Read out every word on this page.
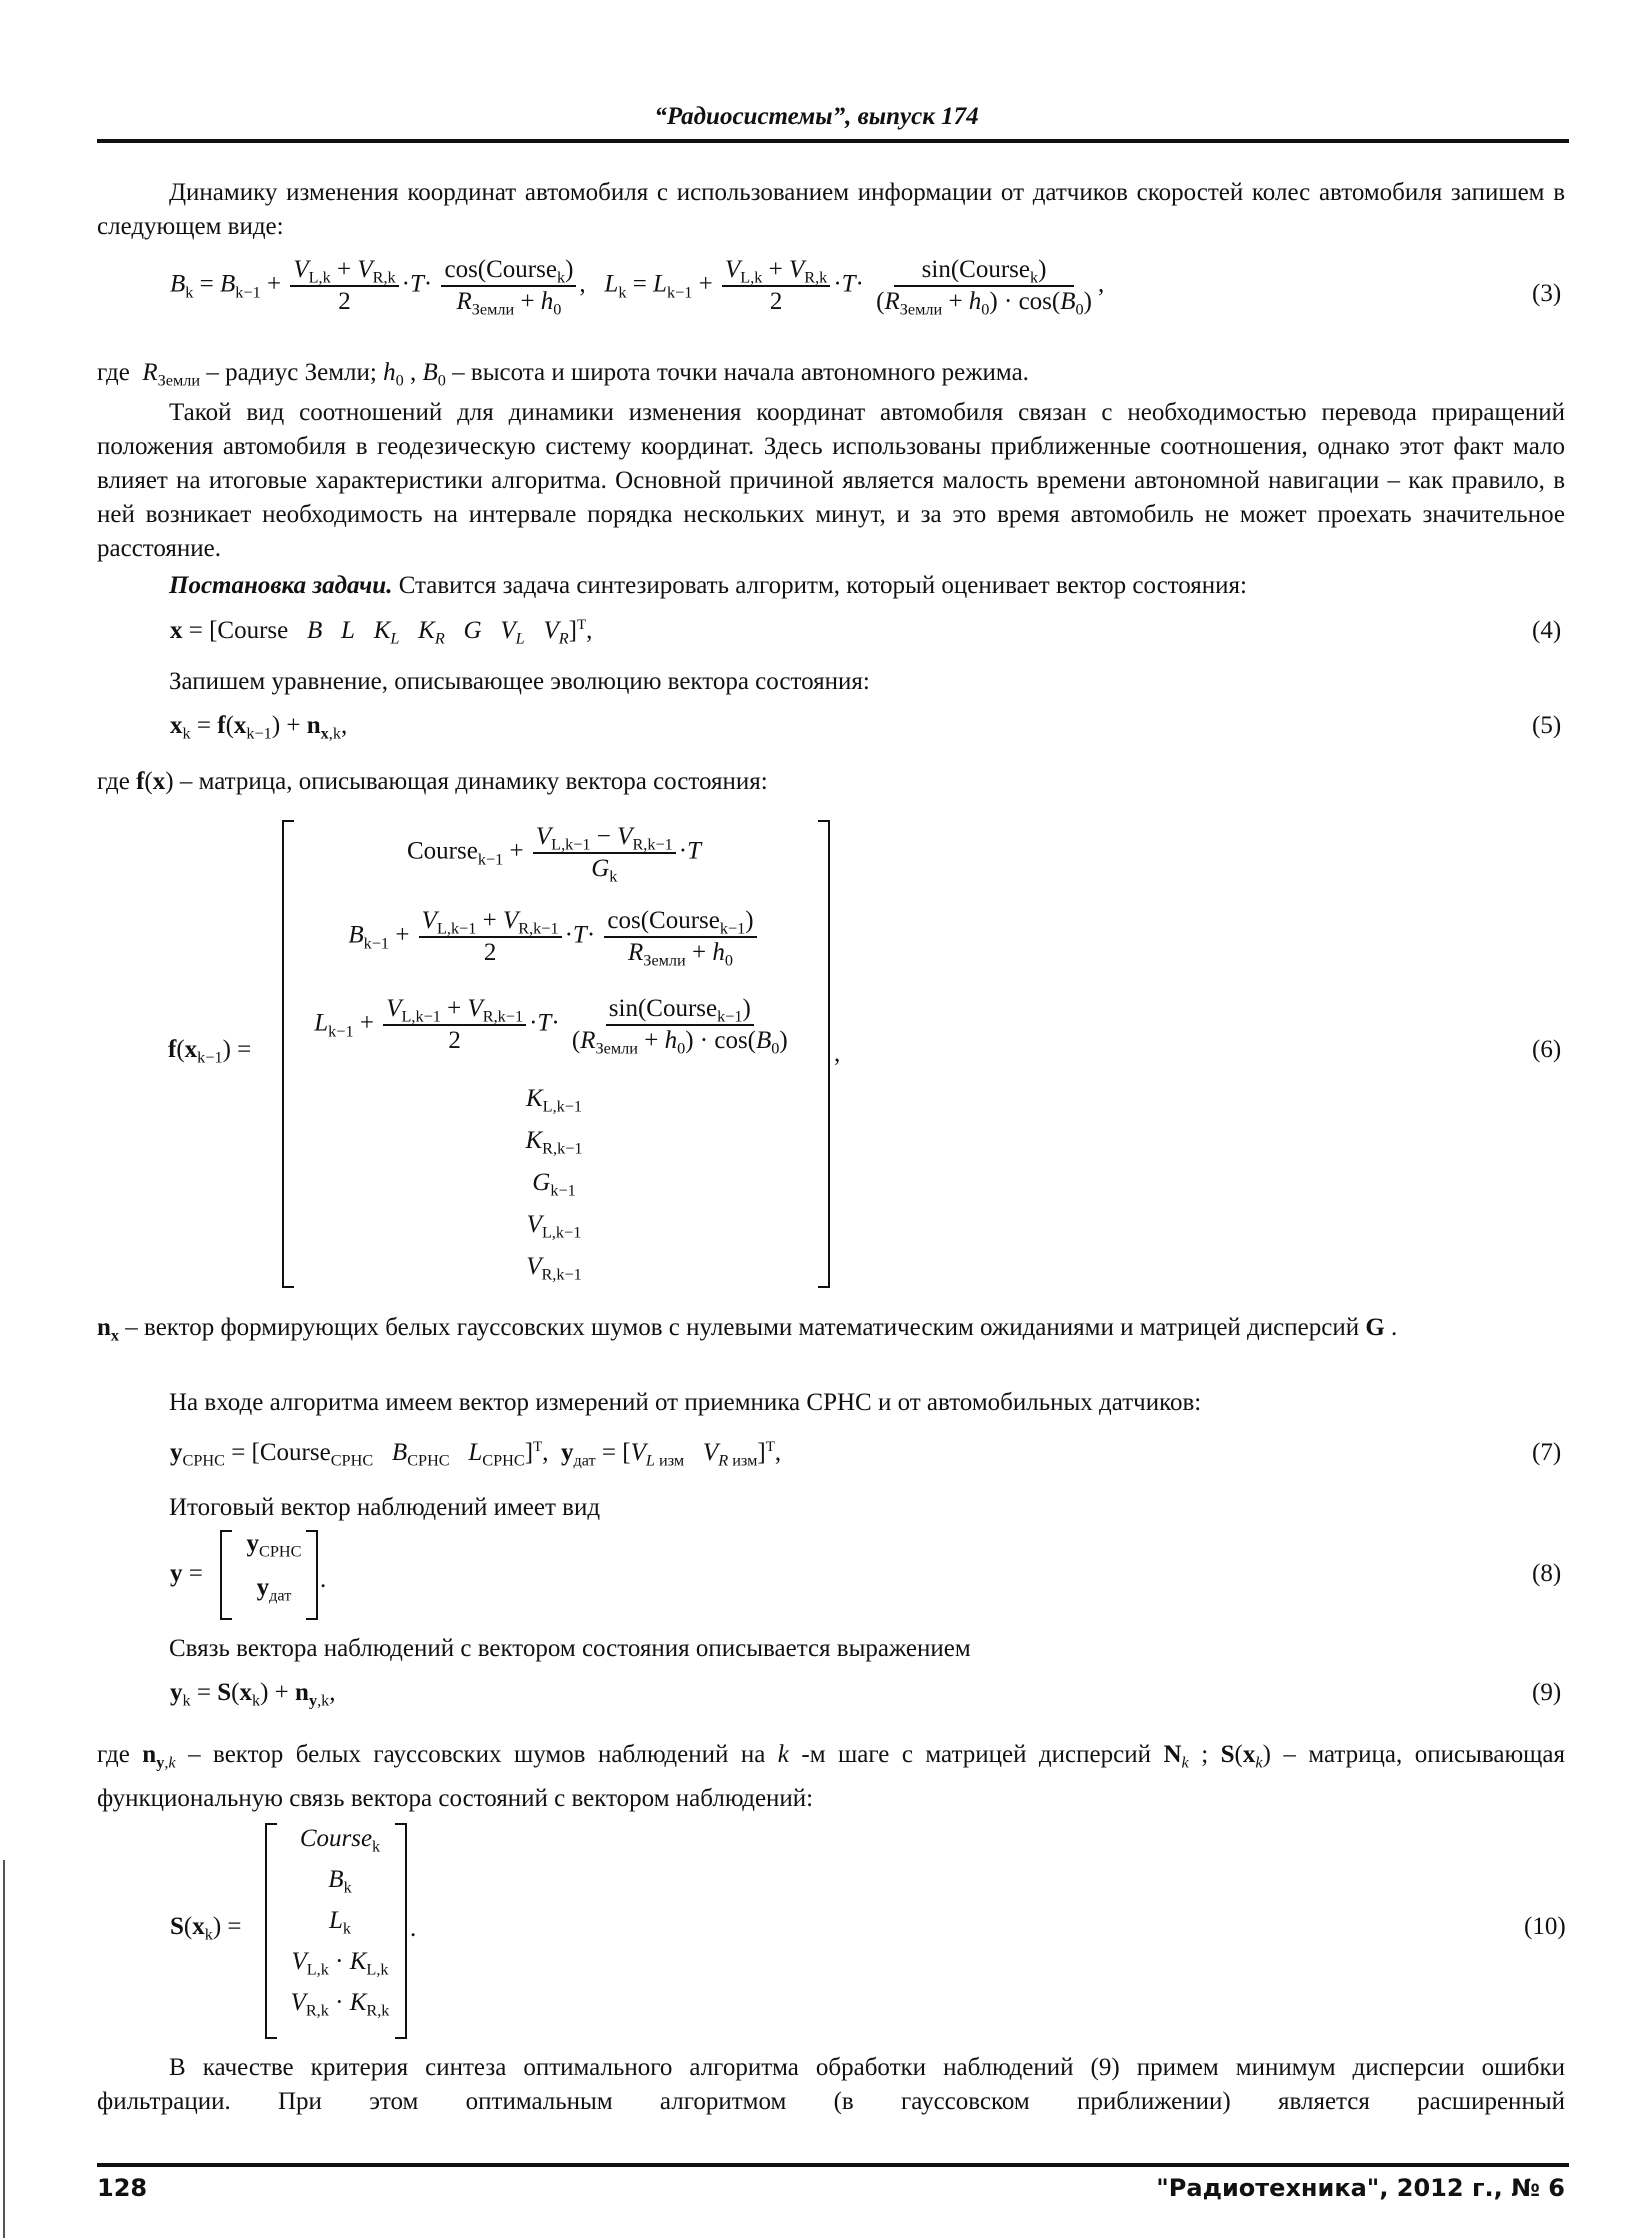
“Радиосистемы”, выпуск 174
Динамику изменения координат автомобиля с использованием информации от датчиков скоростей колес автомобиля запишем в следующем виде:
$B_k = B_{k-1} + \frac{V_{L,k} + V_{R,k}}{2} \cdot T\cdot \frac{\cos(Course_k)}{R_{Земли} + h_0}$ ,   $L_k = L_{k-1} + \frac{V_{L,k} + V_{R,k}}{2} \cdot T\cdot \frac{\sin(Course_k)}{(R_{Земли} + h_0) \cdot \cos(B_0)}$ ,	(3)
где $R_{Земли}$ – радиус Земли; $h_0$ , $B_0$ – высота и широта точки начала автономного режима.
Такой вид соотношений для динамики изменения координат автомобиля связан с необходимостью перевода приращений положения автомобиля в геодезическую систему координат. Здесь использованы приближенные соотношения, однако этот факт мало влияет на итоговые характеристики алгоритма. Основной причиной является малость времени автономной навигации – как правило, в ней возникает необходимость на интервале порядка нескольких минут, и за это время автомобиль не может проехать значительное расстояние.
Постановка задачи. Ставится задача синтезировать алгоритм, который оценивает вектор состояния:
x = [Course   B L $K_L$ $K_R$ G $V_L$ $V_R]^T$,	(4)
Запишем уравнение, описывающее эволюцию вектора состояния:
$x_k = f(x_{k-1}) + n_{x,k}$,	(5)
где f(x) – матрица, описывающая динамику вектора состояния:
$f(x_{k-1})$ =	,
Course$_{k-1}$ + $\frac{V_{L,k-1} - V_{R,k-1}}{G_k} \cdot T$
$B_{k-1} + \frac{V_{L,k-1} + V_{R,k-1}}{2} \cdot T\cdot \frac{\cos(Course_{k-1})}{R_{Земли} + h_0}$
$L_{k-1} + \frac{V_{L,k-1} + V_{R,k-1}}{2} \cdot T\cdot \frac{\sin(Course_{k-1})}{(R_{Земли} + h_0) \cdot \cos(B_0)}$
$K_{L,k-1}$
$K_{R,k-1}$
$G_{k-1}$
$V_{L,k-1}$
$V_{R,k-1}$
(6)
$n_x$ – вектор формирующих белых гауссовских шумов с нулевыми математическим ожиданиями и матрицей дисперсий G .
На входе алгоритма имеем вектор измерений от приемника СРНС и от автомобильных датчиков:
$y_{СРНС}$ = [Course$_{СРНС}$ $B_{СРНС}$ $L_{СРНС}]^T$,  $y_{дат} = [V_{L изм}$ $V_{R изм}]^T$,	(7)
Итоговый вектор наблюдений имеет вид
y =
$y_{СРНС}$
$y_{дат}$
.	(8)
Связь вектора наблюдений с вектором состояния описывается выражением
$y_k = S(x_k) + n_{y,k}$,	(9)
где $n_{y,k}$ – вектор белых гауссовских шумов наблюдений на k -м шаге с матрицей дисперсий $N_k$ ; $S(x_k)$ – матрица, описывающая функциональную связь вектора состояний с вектором наблюдений:
$S(x_k)$ =
Course$_k$
$B_k$
$L_k$
$V_{L,k} \cdot K_{L,k}$
$V_{R,k} \cdot K_{R,k}$
.	(10)
В качестве критерия синтеза оптимального алгоритма обработки наблюдений (9) примем минимум дисперсии ошибки фильтрации. При этом оптимальным алгоритмом (в гауссовском приближении) является расширенный
128	"Радиотехника", 2012 г., № 6
